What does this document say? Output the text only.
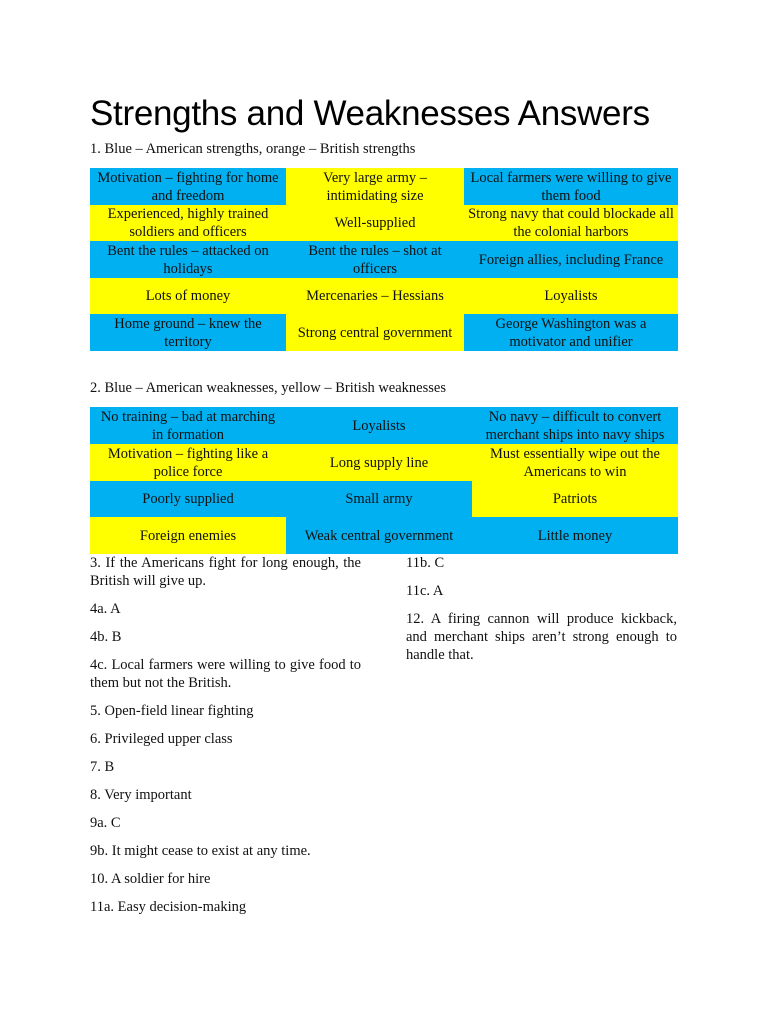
Strengths and Weaknesses Answers

1. Blue – American strengths, orange – British strengths

Motivation – fighting for home and freedom	Very large army – intimidating size	Local farmers were willing to give them food
Experienced, highly trained soldiers and officers	Well-supplied	Strong navy that could blockade all the colonial harbors
Bent the rules – attacked on holidays	Bent the rules – shot at officers	Foreign allies, including France
Lots of money	Mercenaries – Hessians	Loyalists
Home ground – knew the territory	Strong central government	George Washington was a motivator and unifier

2. Blue – American weaknesses, yellow – British weaknesses

No training – bad at marching in formation	Loyalists	No navy – difficult to convert merchant ships into navy ships
Motivation – fighting like a police force	Long supply line	Must essentially wipe out the Americans to win
Poorly supplied	Small army	Patriots
Foreign enemies	Weak central government	Little money

3. If the Americans fight for long enough, the British will give up.

4a. A

4b. B

4c. Local farmers were willing to give food to them but not the British.

5. Open-field linear fighting

6. Privileged upper class

7. B

8. Very important

9a. C

9b. It might cease to exist at any time.

10. A soldier for hire

11a. Easy decision-making

11b. C

11c. A

12. A firing cannon will produce kickback, and merchant ships aren’t strong enough to handle that.
